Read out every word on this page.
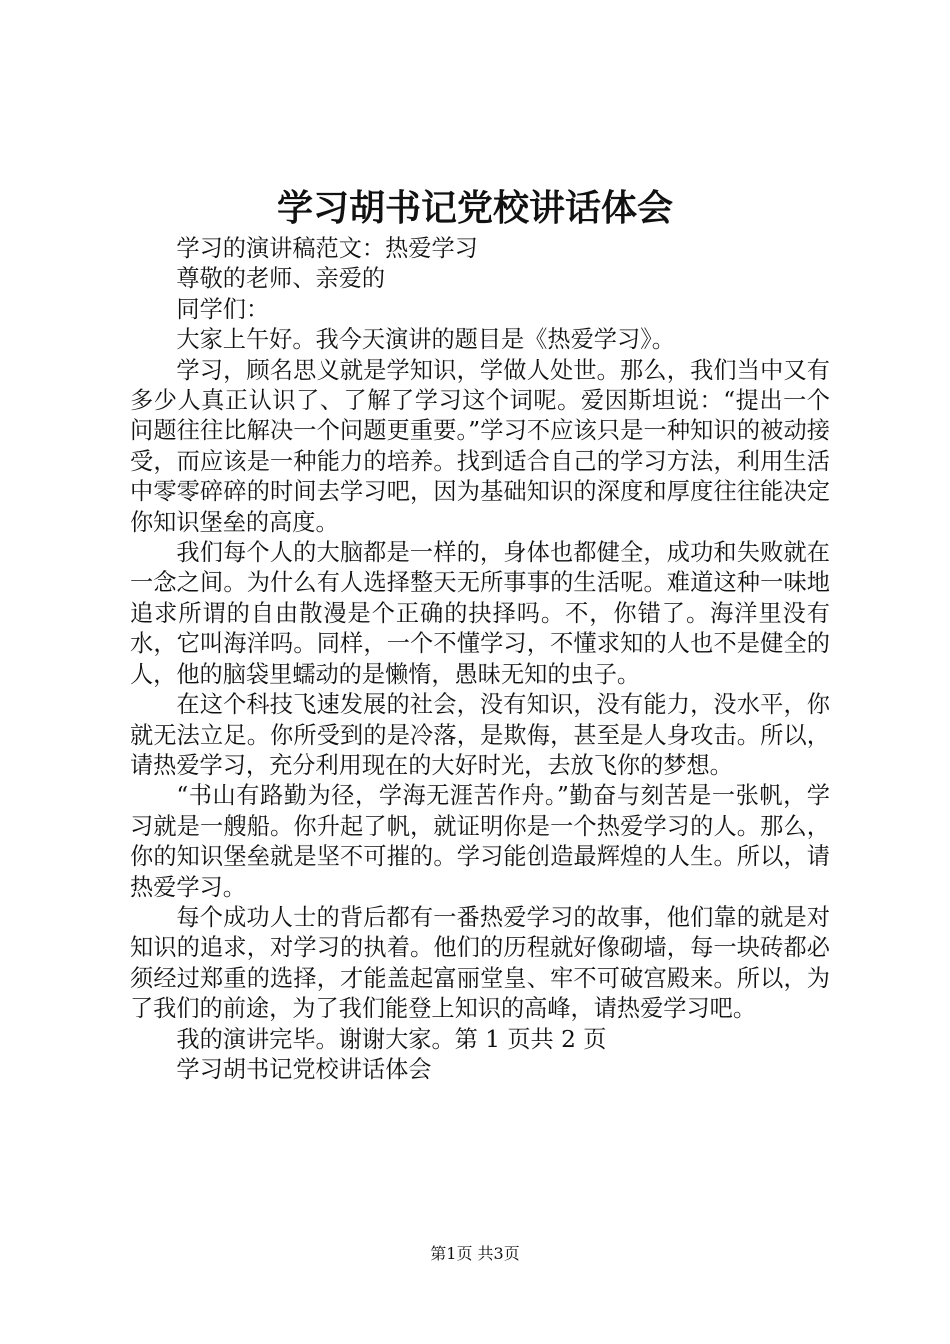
学习胡书记党校讲话体会

学习的演讲稿范文：热爱学习

尊敬的老师、亲爱的

同学们：

大家上午好。我今天演讲的题目是《热爱学习》。

学习，顾名思义就是学知识，学做人处世。那么，我们当中又有多少人真正认识了、了解了学习这个词呢。爱因斯坦说：“提出一个问题往往比解决一个问题更重要。”学习不应该只是一种知识的被动接受，而应该是一种能力的培养。找到适合自己的学习方法，利用生活中零零碎碎的时间去学习吧，因为基础知识的深度和厚度往往能决定你知识堡垒的高度。

我们每个人的大脑都是一样的，身体也都健全，成功和失败就在一念之间。为什么有人选择整天无所事事的生活呢。难道这种一味地追求所谓的自由散漫是个正确的抉择吗。不，你错了。海洋里没有水，它叫海洋吗。同样，一个不懂学习，不懂求知的人也不是健全的人，他的脑袋里蠕动的是懒惰，愚昧无知的虫子。

在这个科技飞速发展的社会，没有知识，没有能力，没水平，你就无法立足。你所受到的是冷落，是欺侮，甚至是人身攻击。所以，请热爱学习，充分利用现在的大好时光，去放飞你的梦想。

“书山有路勤为径，学海无涯苦作舟。”勤奋与刻苦是一张帆，学习就是一艘船。你升起了帆，就证明你是一个热爱学习的人。那么，你的知识堡垒就是坚不可摧的。学习能创造最辉煌的人生。所以，请热爱学习。

每个成功人士的背后都有一番热爱学习的故事，他们靠的就是对知识的追求，对学习的执着。他们的历程就好像砌墙，每一块砖都必须经过郑重的选择，才能盖起富丽堂皇、牢不可破宫殿来。所以，为了我们的前途，为了我们能登上知识的高峰，请热爱学习吧。

我的演讲完毕。谢谢大家。第 1 页共 2 页

学习胡书记党校讲话体会

第1页 共3页
